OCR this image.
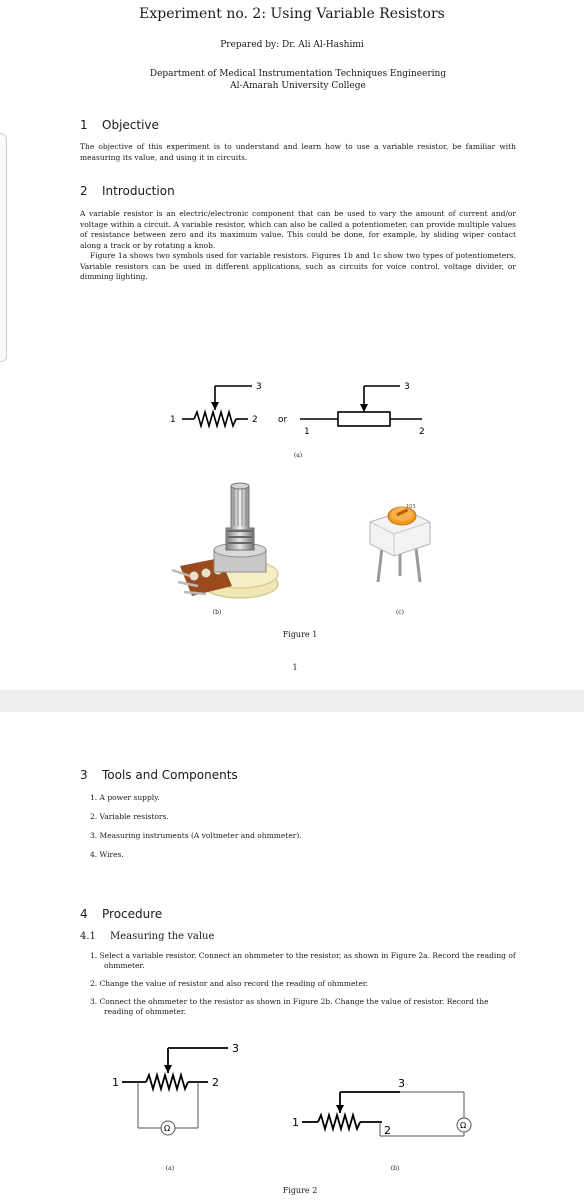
Experiment no. 2: Using Variable Resistors
Prepared by: Dr. Ali Al-Hashimi
Department of Medical Instrumentation Techniques Engineering
Al-Amarah University College
1 Objective
The objective of this experiment is to understand and learn how to use a variable resistor, be familiar with measuring its value, and using it in circuits.
2 Introduction

A variable resistor is an electric/electronic component that can be used to vary the amount of current and/or voltage within a circuit. A variable resistor, which can also be called a potentiometer, can provide multiple values of resistance between zero and its maximum value. This could be done, for example, by sliding wiper contact along a track or by rotating a knob.

Figure 1a shows two symbols used for variable resistors. Figures 1b and 1c show two types of potentiometers. Variable resistors can be used in different applications, such as circuits for voice control, voltage divider, or dimming lighting.

1	2
3
or
1	2
3
(a)
(b)
103
(c)
Figure 1
1
3 Tools and Components
1. A power supply.
2. Variable resistors.
3. Measuring instruments (A voltmeter and ohmmeter).
4. Wires.
4 Procedure
4.1 Measuring the value
1. Select a variable resistor. Connect an ohmmeter to the resistor, as shown in Figure 2a. Record the reading of ohmmeter.
2. Change the value of resistor and also record the reading of ohmmeter.
3. Connect the ohmmeter to the resistor as shown in Figure 2b. Change the value of resistor. Record the reading of ohmmeter.
1	2
3
Ω
(a)
1
2
3
Ω
(b)
Figure 2
